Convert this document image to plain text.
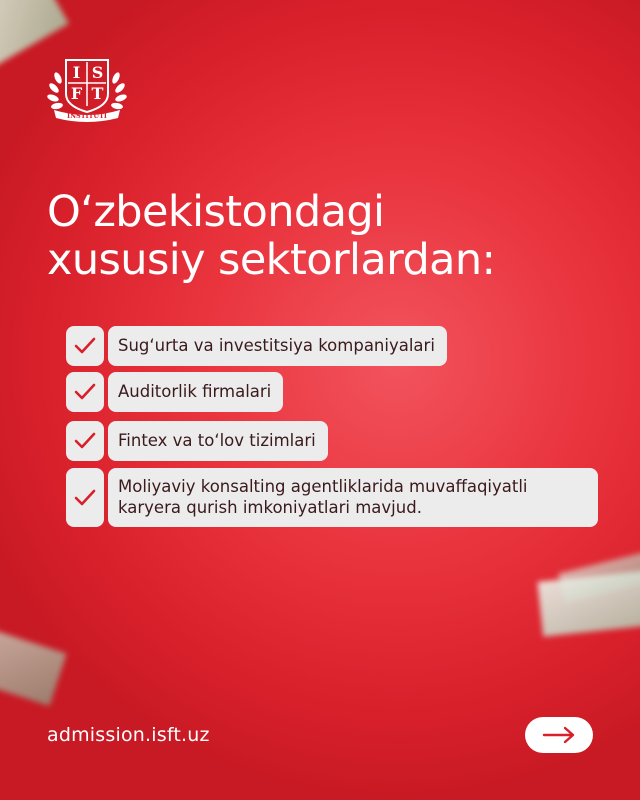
I S
F T
INSTITUTI
O‘zbekistondagi
xususiy sektorlardan:
Sug‘urta va investitsiya kompaniyalari
Auditorlik firmalari
Fintex va to‘lov tizimlari
Moliyaviy konsalting agentliklarida muvaffaqiyatli karyera qurish imkoniyatlari mavjud.
admission.isft.uz
